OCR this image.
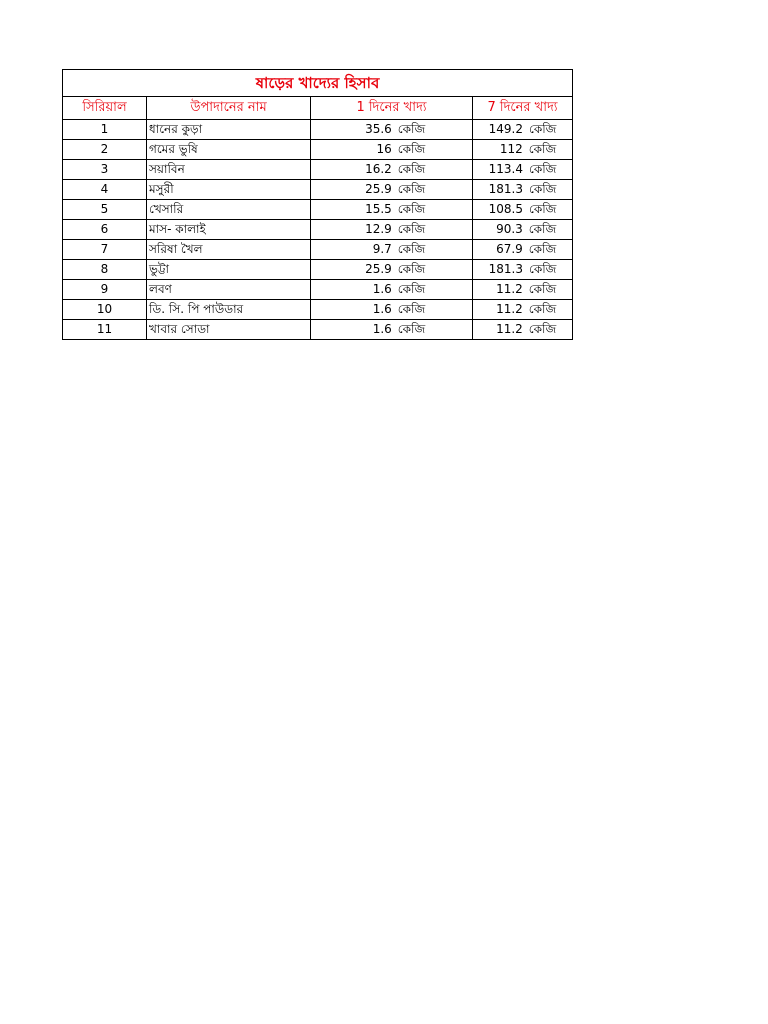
ষাড়ের খাদ্যের হিসাব			
সিরিয়াল	উপাদানের নাম	1 দিনের খাদ্য	7 দিনের খাদ্য
1	ধানের কুড়া	35.6 কেজি	149.2 কেজি
2	গমের ভুষি	16 কেজি	112 কেজি
3	সয়াবিন	16.2 কেজি	113.4 কেজি
4	মসুরী	25.9 কেজি	181.3 কেজি
5	খেসারি	15.5 কেজি	108.5 কেজি
6	মাস- কালাই	12.9 কেজি	90.3 কেজি
7	সরিষা খৈল	9.7 কেজি	67.9 কেজি
8	ভুট্টা	25.9 কেজি	181.3 কেজি
9	লবণ	1.6 কেজি	11.2 কেজি
10	ডি. সি. পি পাউডার	1.6 কেজি	11.2 কেজি
11	খাবার সোডা	1.6 কেজি	11.2 কেজি
